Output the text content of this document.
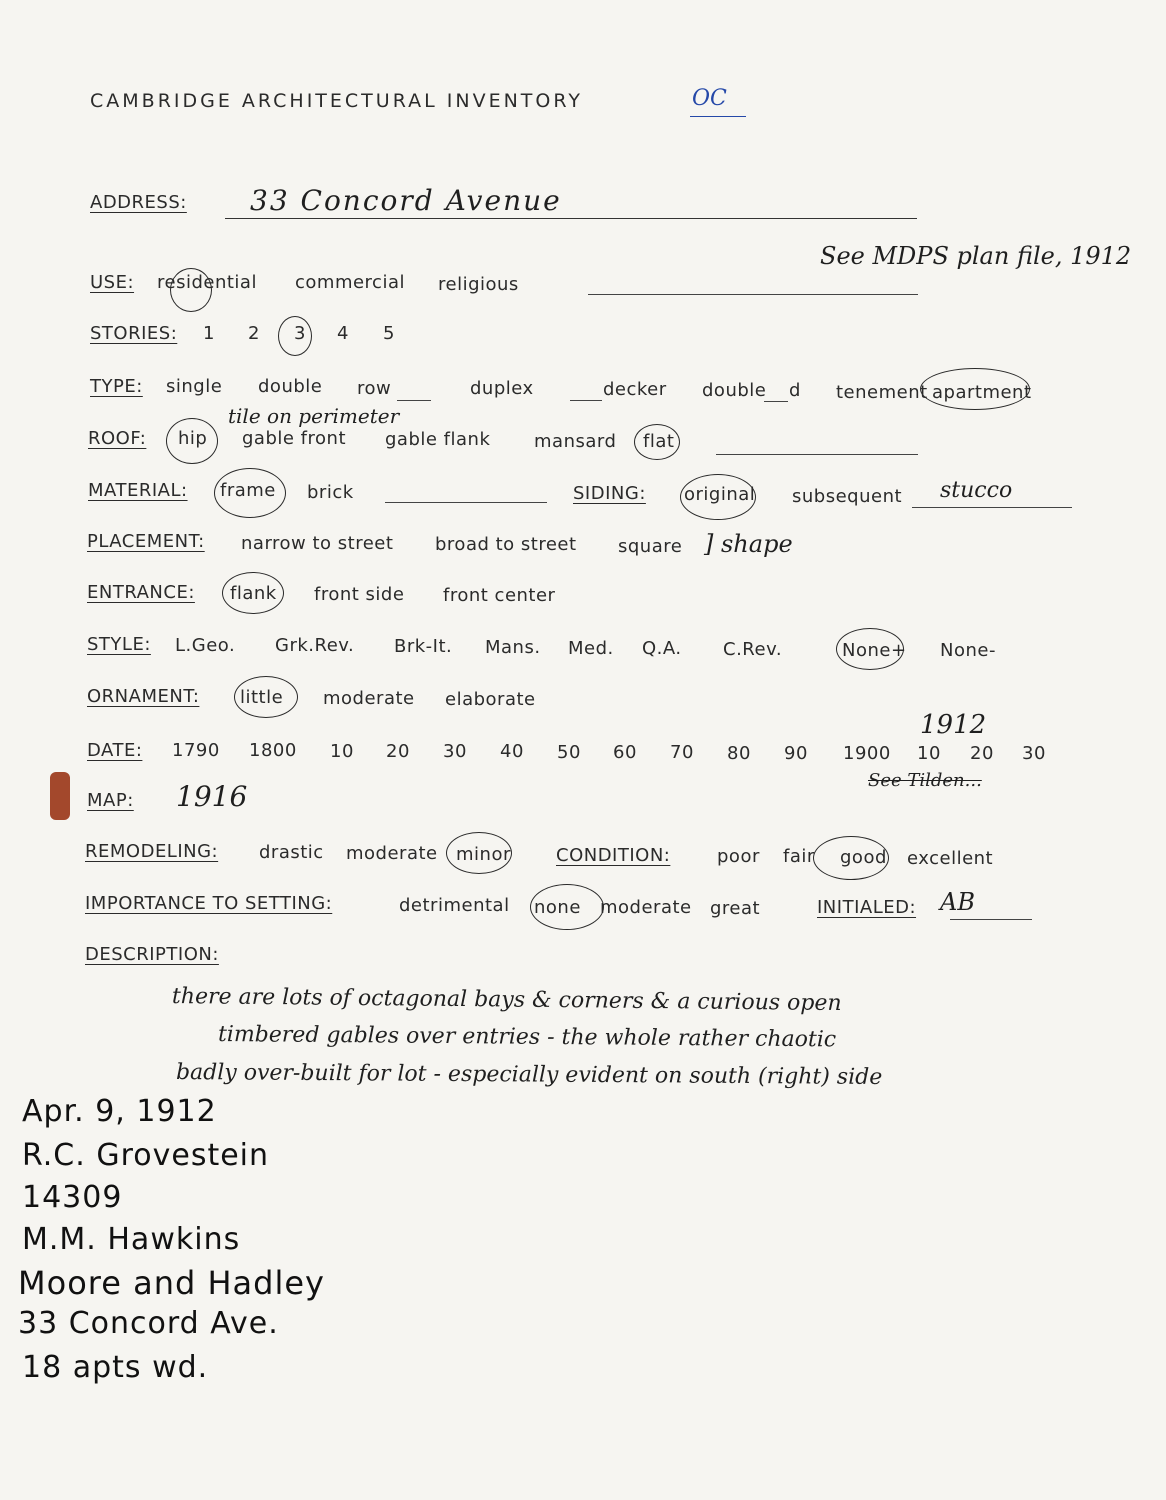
CAMBRIDGE ARCHITECTURAL INVENTORY	OC
ADDRESS: 33 Concord Avenue
See MDPS plan file, 1912
USE: residential commercial religious
STORIES: 1 2 3 4 5
TYPE: single double row	duplex	decker double d tenement apartment
tile on perimeter
ROOF: hip gable front gable flank mansard flat
MATERIAL: frame brick	SIDING: original subsequent stucco
PLACEMENT: narrow to street broad to street square ] shape
ENTRANCE: flank front side front center
STYLE: L.Geo. Grk.Rev. Brk-It. Mans. Med. Q.A. C.Rev.	None+ None-
ORNAMENT: little moderate elaborate
1912
DATE: 1790 1800 10 20 30 40 50 60 70 80 90 1900 10 20 30
See Tilden...
MAP: 1916
REMODELING: drastic moderate minor	CONDITION:	poor fair good excellent
IMPORTANCE TO SETTING:	detrimental none moderate great	INITIALED: AB
DESCRIPTION:
there are lots of octagonal bays & corners & a curious open
timbered gables over entries - the whole rather chaotic
badly over-built for lot - especially evident on south (right) side
Apr. 9, 1912
R.C. Grovestein
14309
M.M. Hawkins
Moore and Hadley
33 Concord Ave.
18 apts wd.
